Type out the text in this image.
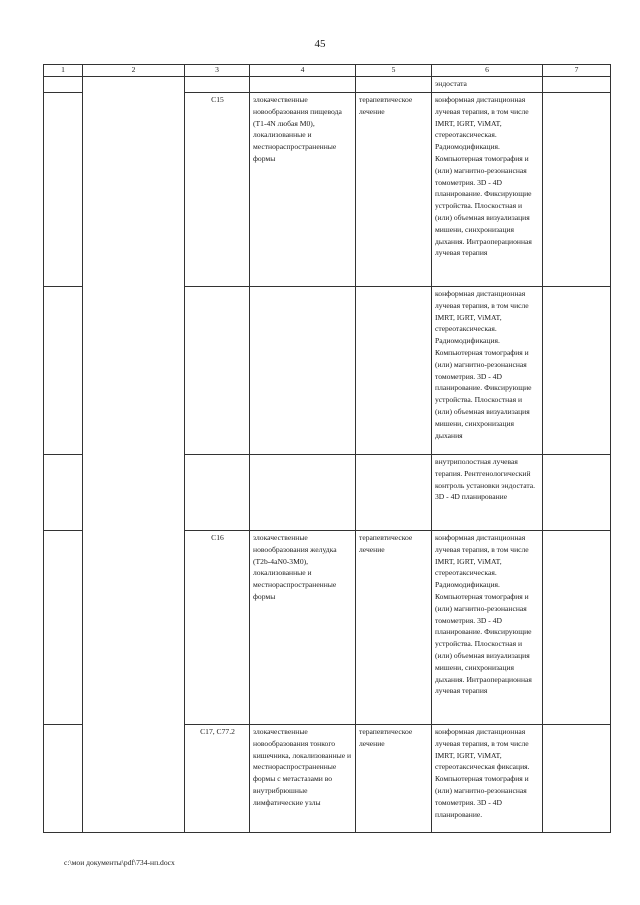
45
1	2	3	4	5	6	7
					эндостата	
		C15	злокачественные новообразования пищевода (T1-4N любая M0), локализованные и местнораспространенные формы	терапевтическое лечение	конформная дистанционная лучевая терапия, в том числе IMRT, IGRT, ViMAT, стереотаксическая. Радиомодификация. Компьютерная томография и (или) магнитно-резонансная томометрия. 3D - 4D планирование. Фиксирующие устройства. Плоскостная и (или) объемная визуализация мишени, синхронизация дыхания. Интраоперационная лучевая терапия	
					конформная дистанционная лучевая терапия, в том числе IMRT, IGRT, ViMAT, стереотаксическая. Радиомодификация. Компьютерная томография и (или) магнитно-резонансная томометрия. 3D - 4D планирование. Фиксирующие устройства. Плоскостная и (или) объемная визуализация мишени, синхронизация дыхания	
					внутриполостная лучевая терапия. Рентгенологический контроль установки эндостата. 3D - 4D планирование	
		C16	злокачественные новообразования желудка (T2b-4aN0-3M0), локализованные и местнораспространенные формы	терапевтическое лечение	конформная дистанционная лучевая терапия, в том числе IMRT, IGRT, ViMAT, стереотаксическая. Радиомодификация. Компьютерная томография и (или) магнитно-резонансная томометрия. 3D - 4D планирование. Фиксирующие устройства. Плоскостная и (или) объемная визуализация мишени, синхронизация дыхания. Интраоперационная лучевая терапия	
		C17, C77.2	злокачественные новообразования тонкого кишечника, локализованные и местнораспространенные формы с метастазами во внутрибрюшные лимфатические узлы	терапевтическое лечение	конформная дистанционная лучевая терапия, в том числе IMRT, IGRT, ViMAT, стереотаксическая фиксация. Компьютерная томография и (или) магнитно-резонансная томометрия. 3D - 4D планирование.	
c:\мои документы\pdf\734-нп.docx
